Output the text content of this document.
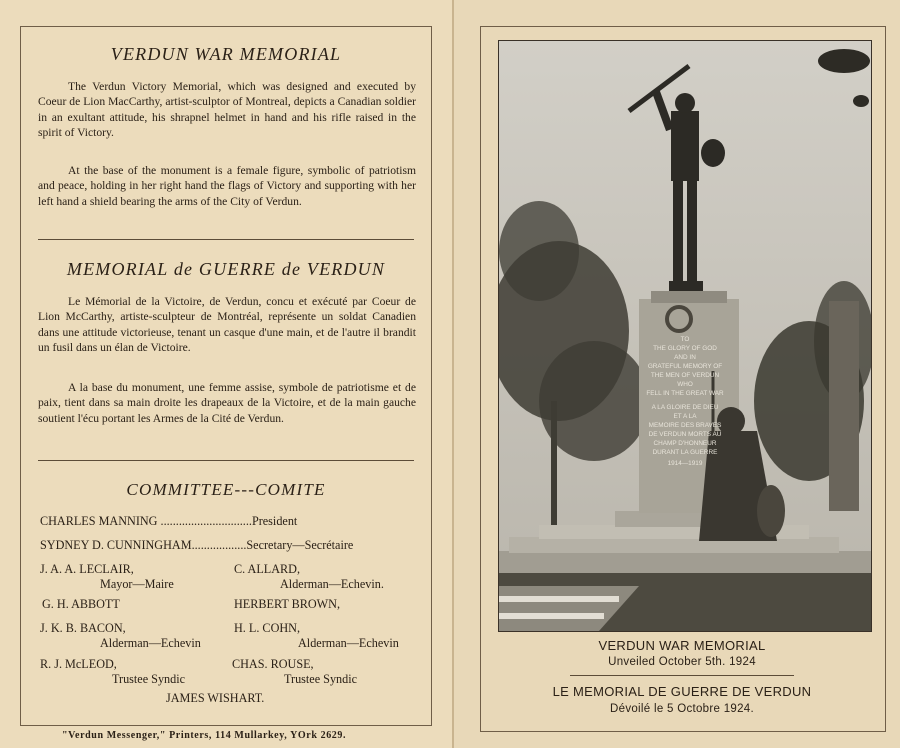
VERDUN WAR MEMORIAL
The Verdun Victory Memorial, which was designed and executed by Coeur de Lion MacCarthy, artist-sculptor of Montreal, depicts a Canadian soldier in an exultant attitude, his shrapnel helmet in hand and his rifle raised in the spirit of Victory.
At the base of the monument is a female figure, symbolic of patriotism and peace, holding in her right hand the flags of Victory and supporting with her left hand a shield bearing the arms of the City of Verdun.
MEMORIAL de GUERRE de VERDUN
Le Mémorial de la Victoire, de Verdun, concu et exécuté par Coeur de Lion McCarthy, artiste-sculpteur de Montréal, représente un soldat Canadien dans une attitude victorieuse, tenant un casque d'une main, et de l'autre il brandit un fusil dans un élan de Victoire.
A la base du monument, une femme assise, symbole de patriotisme et de paix, tient dans sa main droite les drapeaux de la Victoire, et de la main gauche soutient l'écu portant les Armes de la Cité de Verdun.
COMMITTEE---COMITE
CHARLES MANNING ..............................President
SYDNEY D. CUNNINGHAM..................Secretary—Secrétaire
J. A. A. LECLAIR,
Mayor—Maire
C. ALLARD,
Alderman—Echevin.
G. H. ABBOTT	HERBERT BROWN,
J. K. B. BACON,
Alderman—Echevin
H. L. COHN,
Alderman—Echevin
R. J. McLEOD,
Trustee Syndic
CHAS. ROUSE,
Trustee Syndic
JAMES WISHART.
"Verdun Messenger," Printers, 114 Mullarkey, YOrk 2629.
TO
THE GLORY OF GOD
AND IN
GRATEFUL MEMORY OF
THE MEN OF VERDUN
WHO
FELL IN THE GREAT WAR
A LA GLOIRE DE DIEU
ET A LA
MEMOIRE DES BRAVES
DE VERDUN MORTS AU
CHAMP D'HONNEUR
DURANT LA GUERRE
1914—1919
VERDUN WAR MEMORIAL
Unveiled October 5th. 1924
LE MEMORIAL DE GUERRE DE VERDUN
Dévoilé le 5 Octobre 1924.
